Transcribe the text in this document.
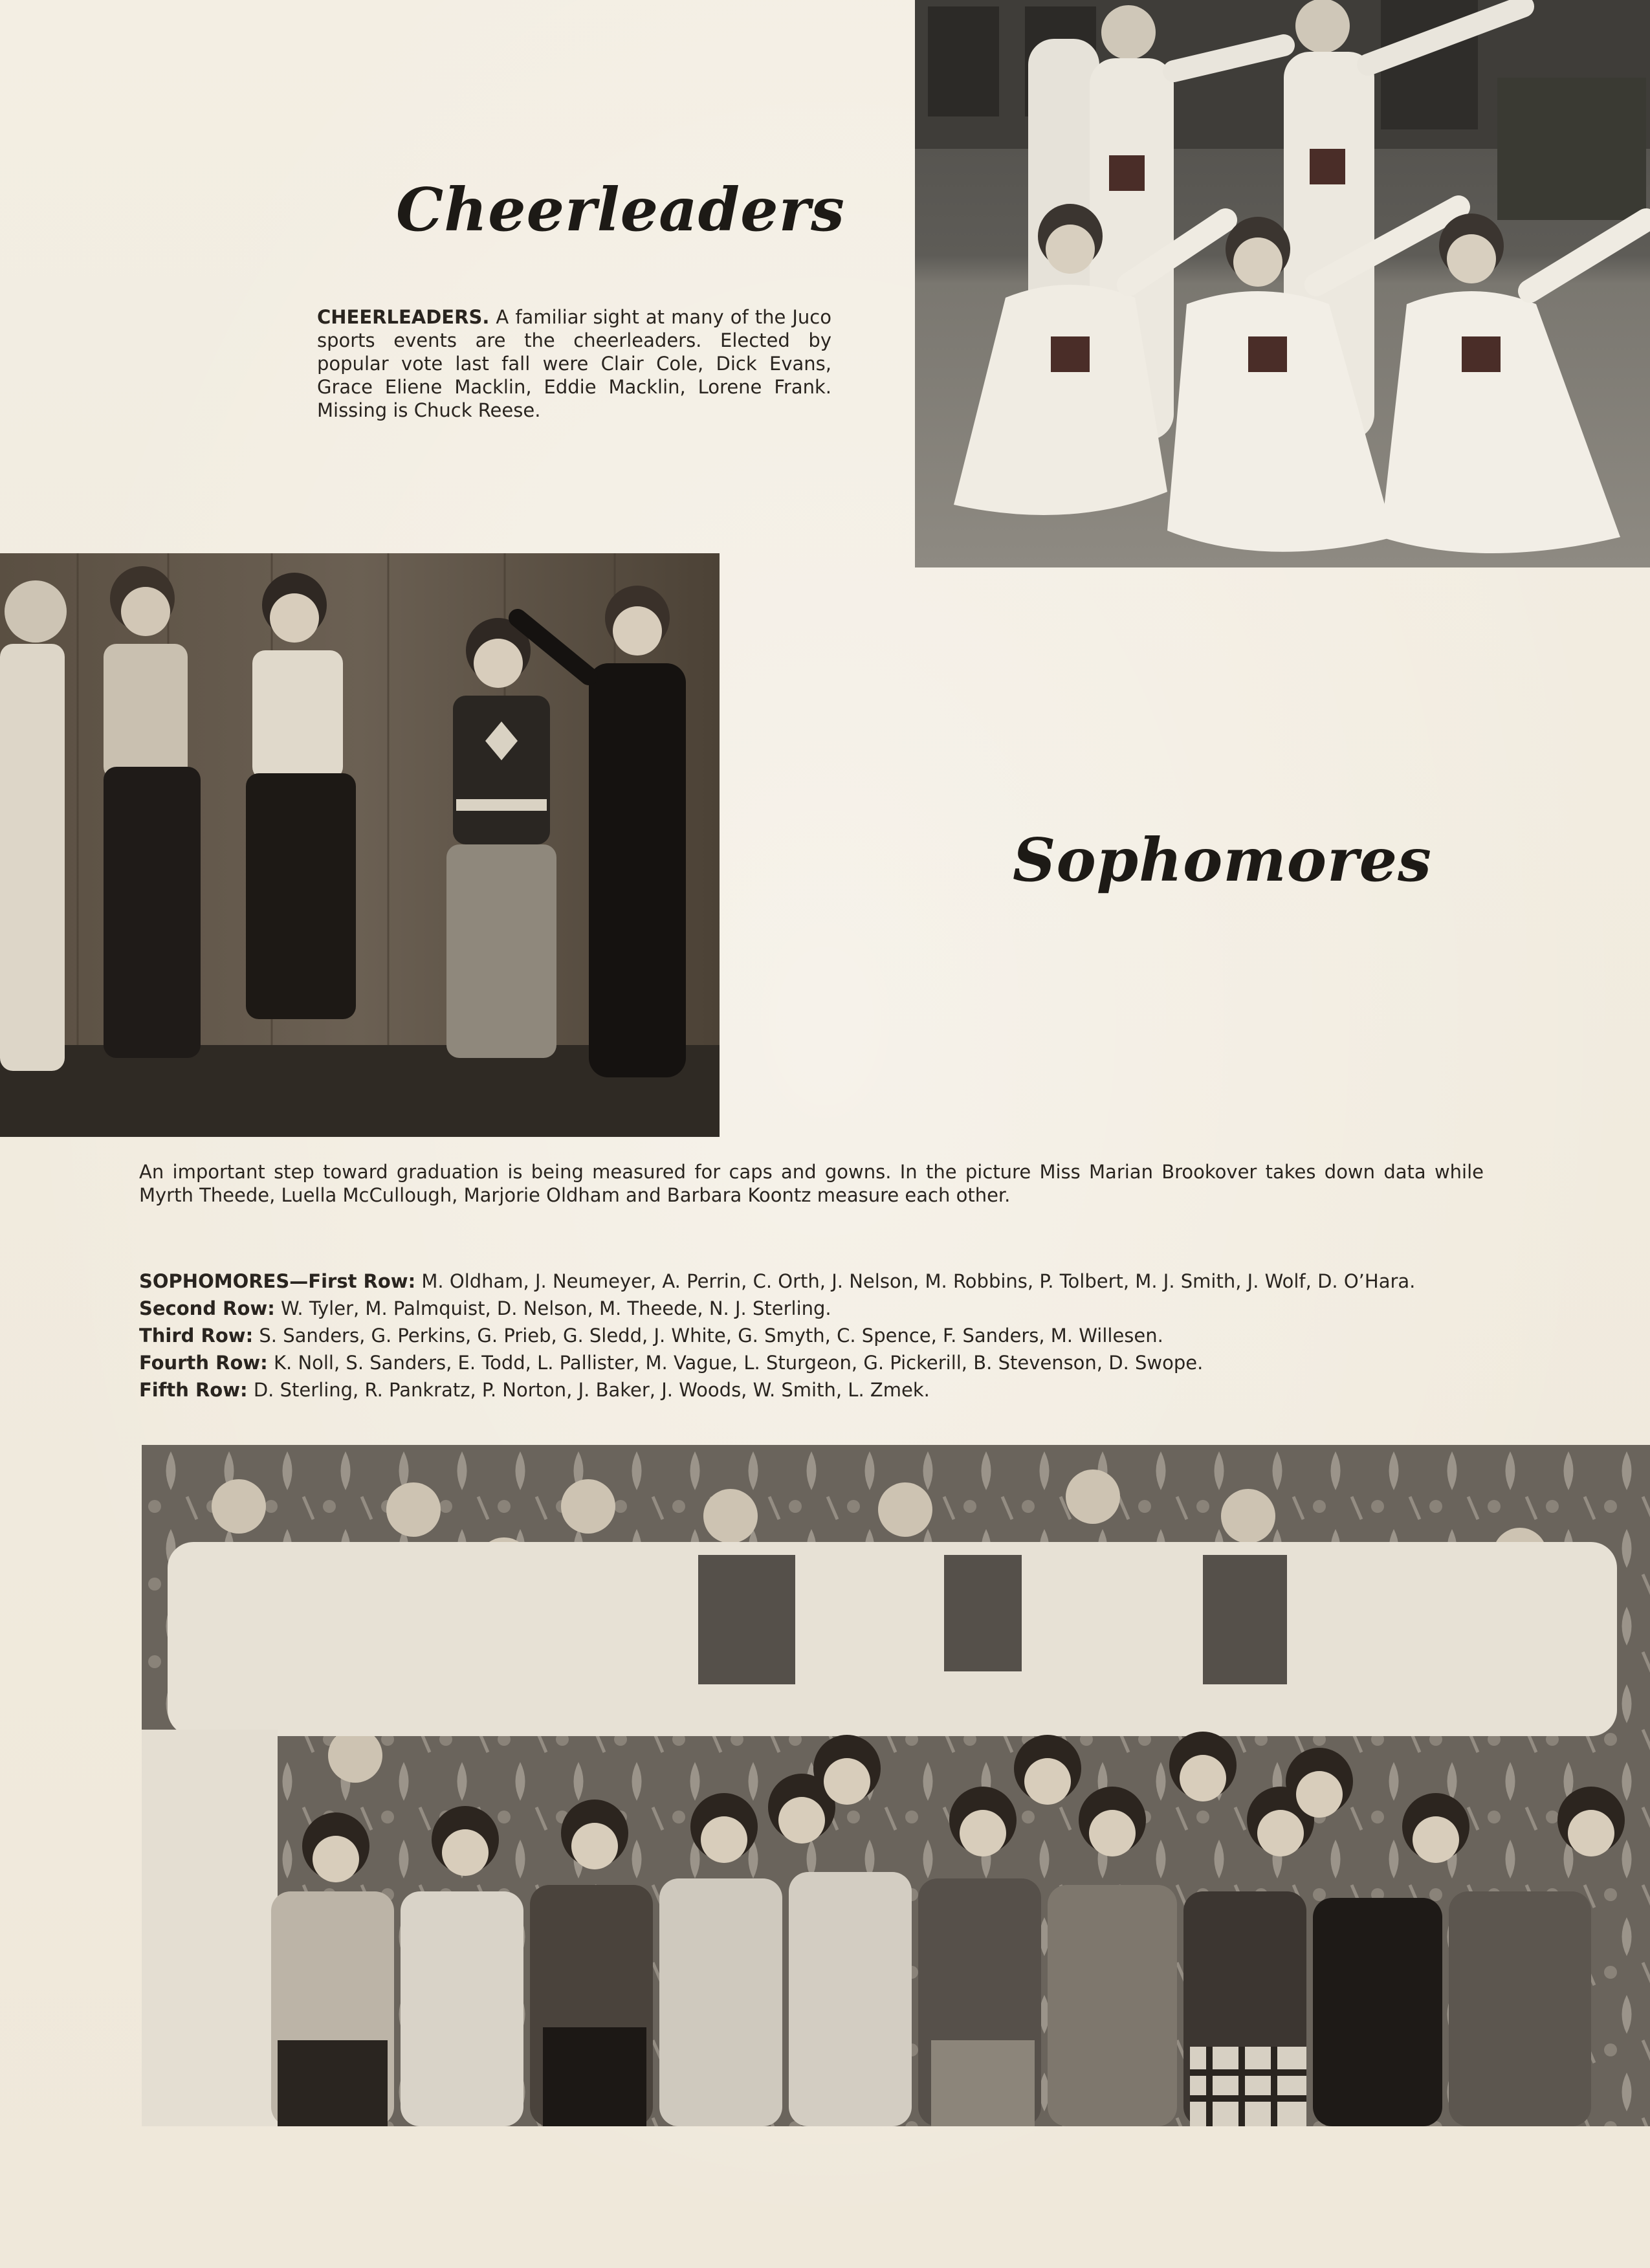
Cheerleaders
CHEERLEADERS. A familiar sight at many of the Juco sports events are the cheerleaders. Elected by popular vote last fall were Clair Cole, Dick Evans, Grace Eliene Macklin, Eddie Macklin, Lorene Frank. Missing is Chuck Reese.
Sophomores
An important step toward graduation is being measured for caps and gowns. In the picture Miss Marian Brookover takes down data while Myrth Theede, Luella McCullough, Marjorie Oldham and Barbara Koontz measure each other.

SOPHOMORES—First Row: M. Oldham, J. Neumeyer, A. Perrin, C. Orth, J. Nelson, M. Robbins, P. Tolbert, M. J. Smith, J. Wolf, D. O’Hara.

Second Row: W. Tyler, M. Palmquist, D. Nelson, M. Theede, N. J. Sterling.

Third Row: S. Sanders, G. Perkins, G. Prieb, G. Sledd, J. White, G. Smyth, C. Spence, F. Sanders, M. Willesen.

Fourth Row: K. Noll, S. Sanders, E. Todd, L. Pallister, M. Vague, L. Sturgeon, G. Pickerill, B. Stevenson, D. Swope.

Fifth Row: D. Sterling, R. Pankratz, P. Norton, J. Baker, J. Woods, W. Smith, L. Zmek.
